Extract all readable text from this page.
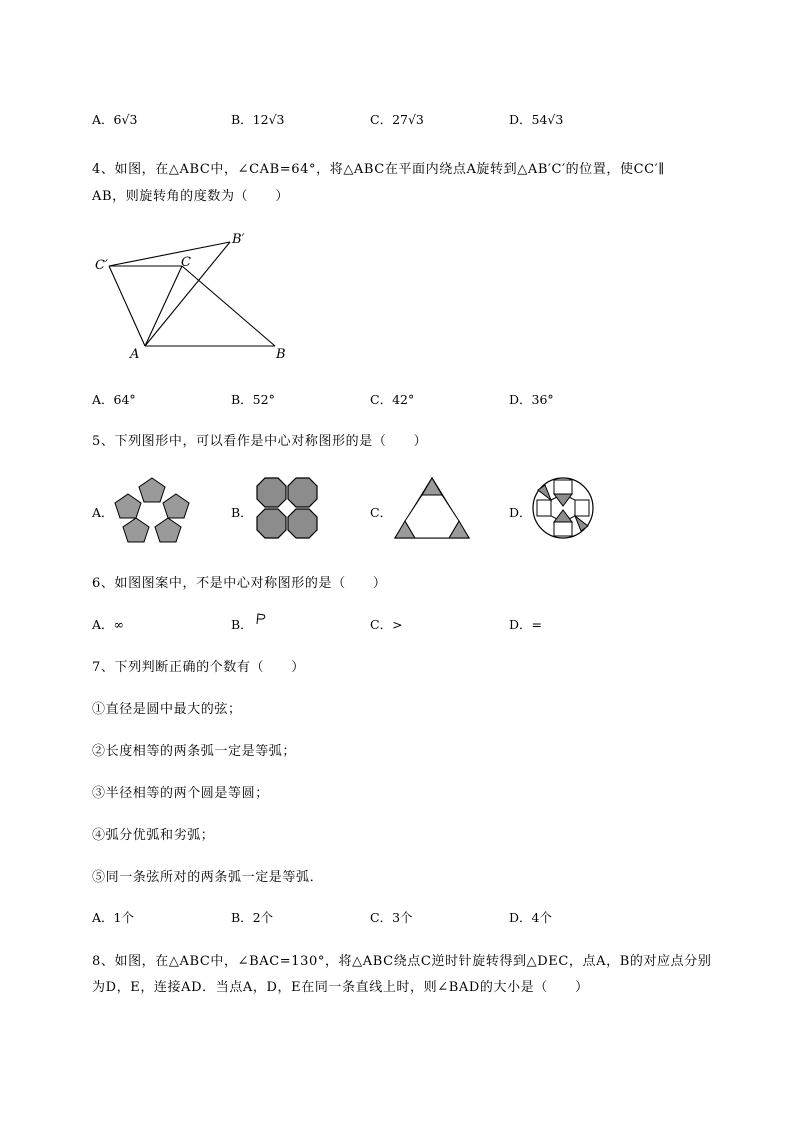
A．6√3	B．12√3	C．27√3	D．54√3
4、如图，在△ABC中，∠CAB=64°，将△ABC在平面内绕点A旋转到△AB′C′的位置，使CC′∥
AB，则旋转角的度数为（　　）
A	B
C
C′
B′
A．64°	B．52°	C．42°	D．36°
5、下列图形中，可以看作是中心对称图形的是（　　）
A．	B．	C．	D．
6、如图图案中，不是中心对称图形的是（　　）
A．∞	B．	C．>	D．=
7、下列判断正确的个数有（　　）
①直径是圆中最大的弦；
②长度相等的两条弧一定是等弧；
③半径相等的两个圆是等圆；
④弧分优弧和劣弧；
⑤同一条弦所对的两条弧一定是等弧．
A．1个	B．2个	C．3个	D．4个
8、如图，在△ABC中，∠BAC=130°，将△ABC绕点C逆时针旋转得到△DEC，点A，B的对应点分别
为D，E，连接AD．当点A，D，E在同一条直线上时，则∠BAD的大小是（　　）
